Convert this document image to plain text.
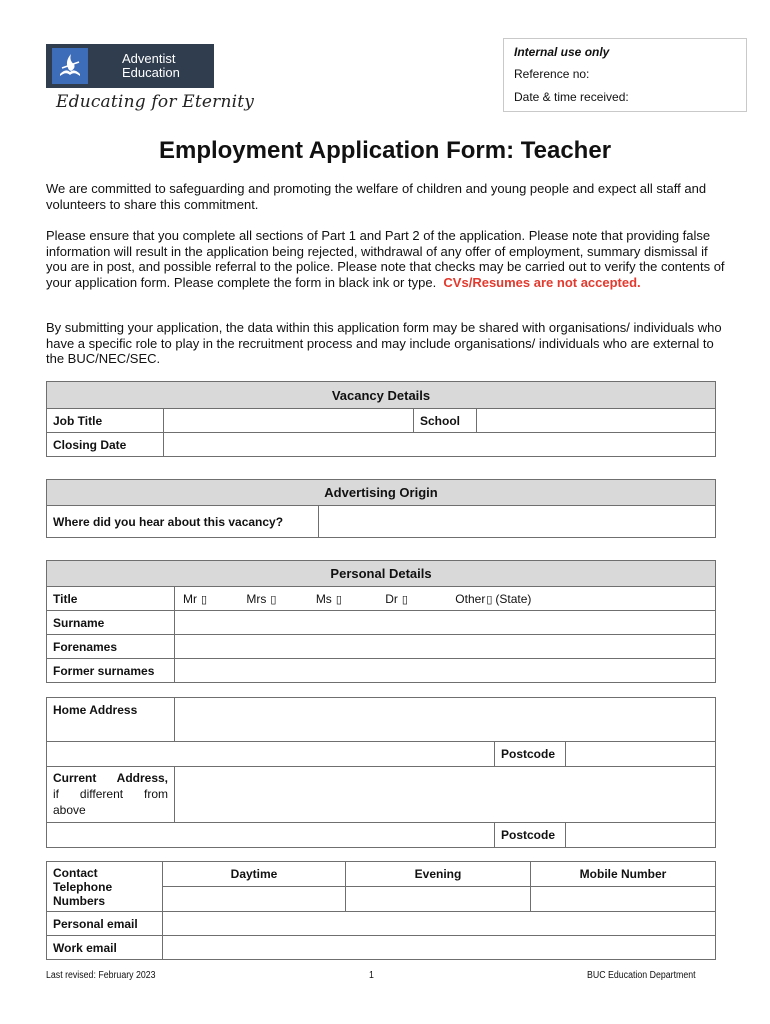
Adventist
Education
Educating for Eternity
Internal use only
Reference no:
Date & time received:
Employment Application Form: Teacher
We are committed to safeguarding and promoting the welfare of children and young people and expect all staff and volunteers to share this commitment.
Please ensure that you complete all sections of Part 1 and Part 2 of the application. Please note that providing false information will result in the application being rejected, withdrawal of any offer of employment, summary dismissal if you are in post, and possible referral to the police. Please note that checks may be carried out to verify the contents of your application form. Please complete the form in black ink or type. CVs/Resumes are not accepted.
By submitting your application, the data within this application form may be shared with organisations/ individuals who have a specific role to play in the recruitment process and may include organisations/ individuals who are external to the BUC/NEC/SEC.
Vacancy Details			
Job Title		School	
Closing Date			
Advertising Origin
Where did you hear about this vacancy?	
Personal Details	
Title	Mr ▯ Mrs ▯ Ms ▯ Dr ▯ Other▯ (State)
Surname	
Forenames	
Former surnames	
Home Address			
		Postcode	

Current Address,
if different from above			

		Postcode	
Contact Telephone Numbers	Daytime	Evening	Mobile Number

Personal email			
Work email			
Last revised: February 2023	1	BUC Education Department
